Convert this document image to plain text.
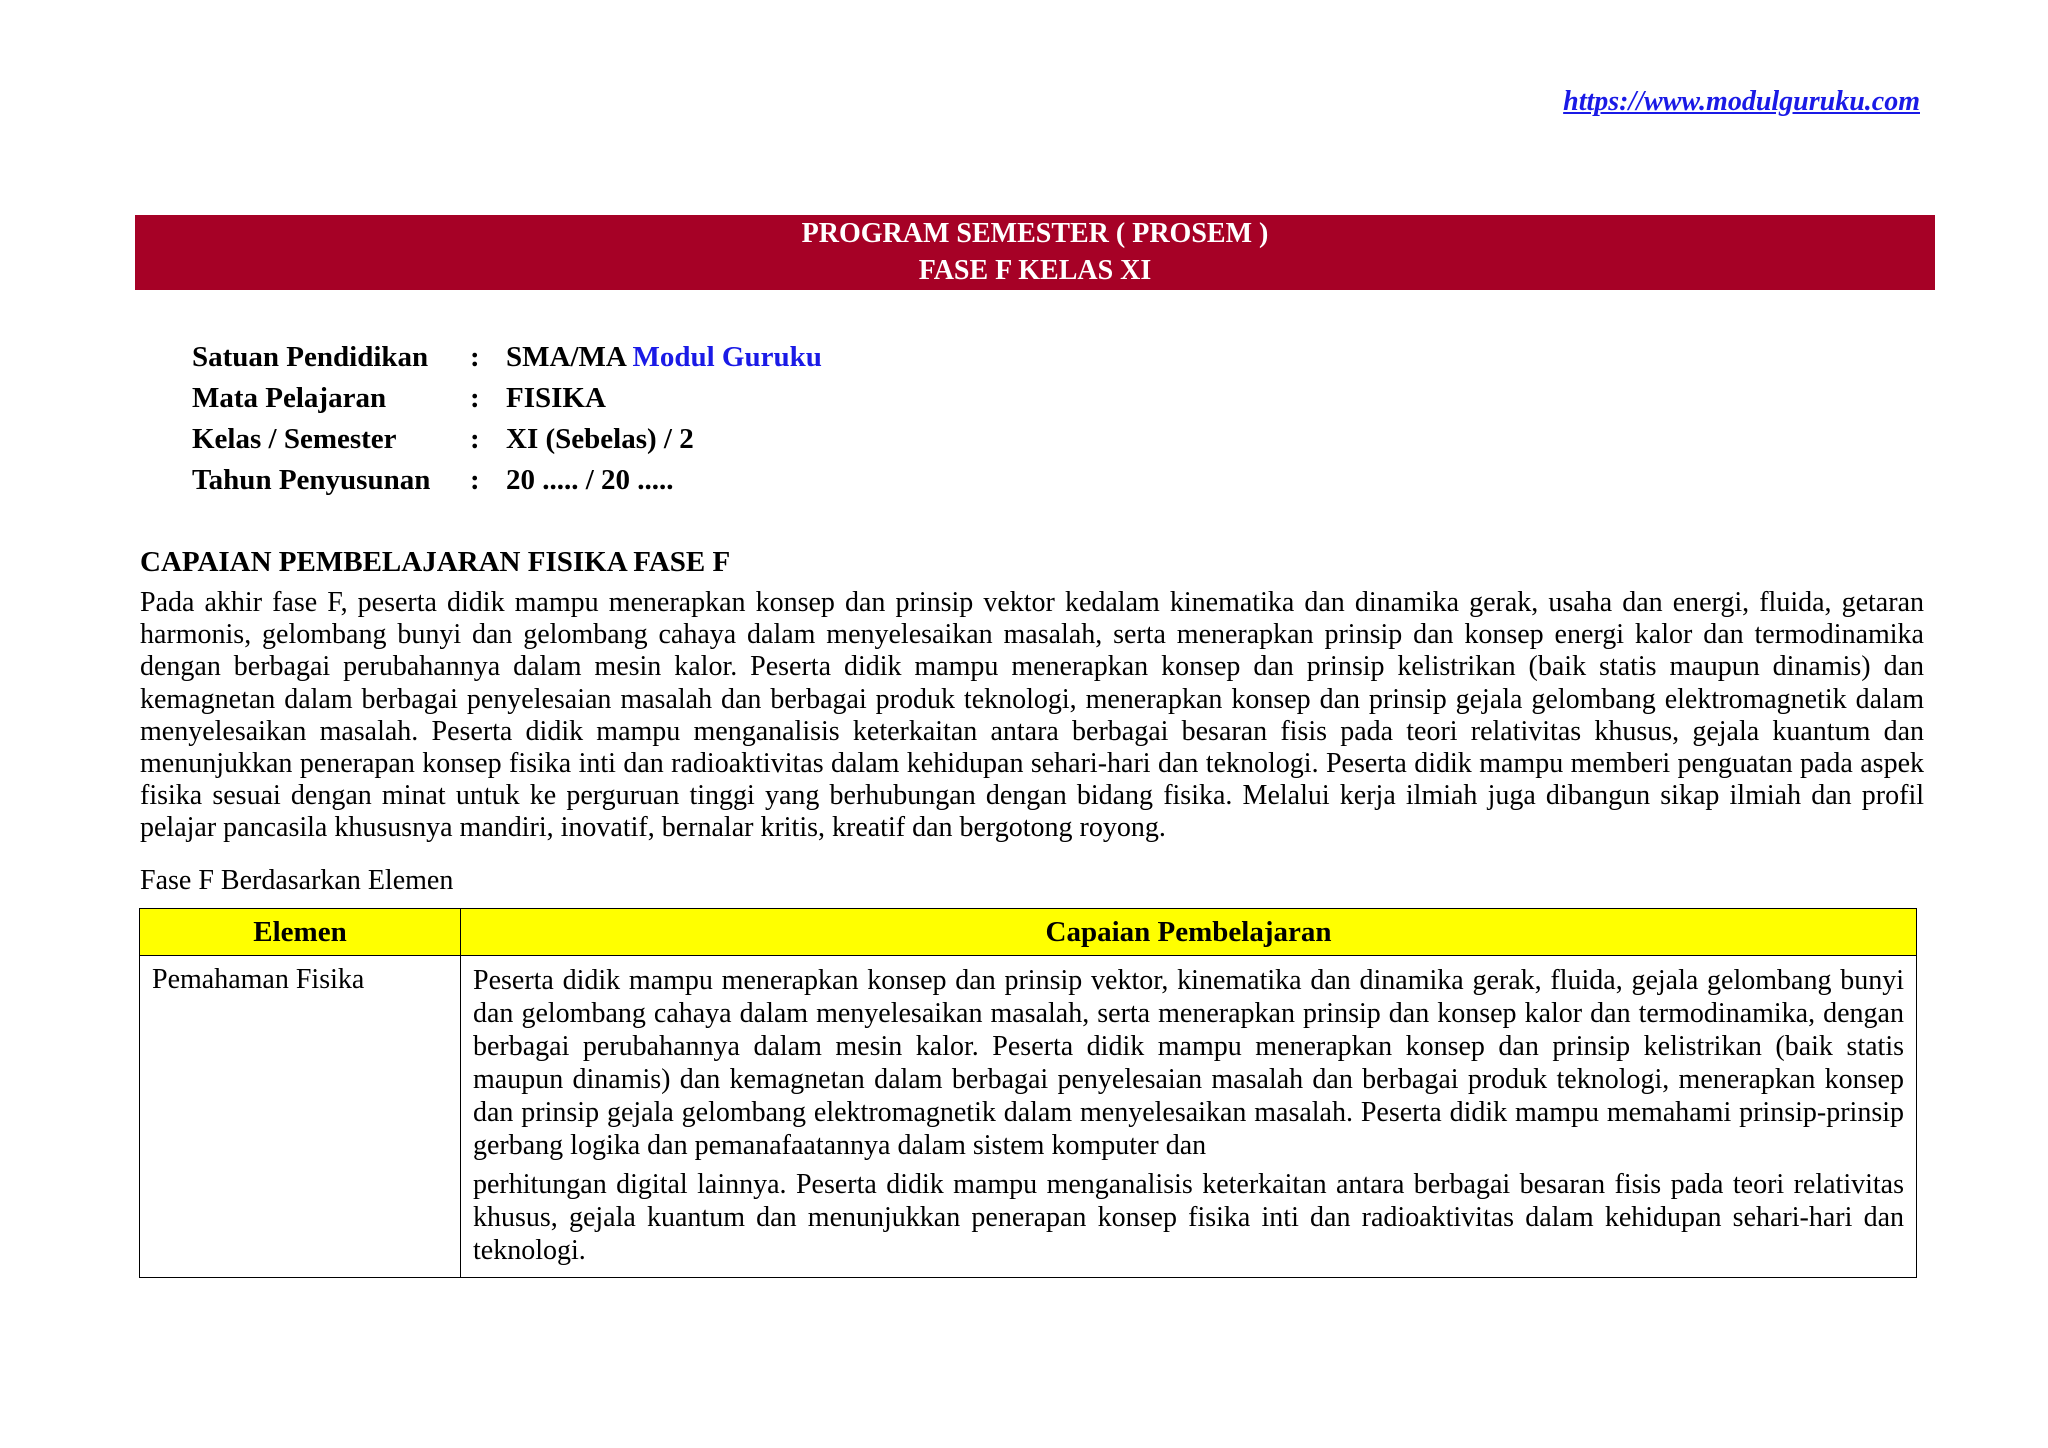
https://www.modulguruku.com
PROGRAM SEMESTER ( PROSEM )
FASE F KELAS XI
Satuan Pendidikan	:	SMA/MA Modul Guruku
Mata Pelajaran	:	FISIKA
Kelas / Semester	:	XI (Sebelas) / 2
Tahun Penyusunan	:	20 ..... / 20 .....
CAPAIAN PEMBELAJARAN FISIKA FASE F

Pada akhir fase F, peserta didik mampu menerapkan konsep dan prinsip vektor kedalam kinematika dan dinamika gerak, usaha dan energi, fluida, getaran harmonis, gelombang bunyi dan gelombang cahaya dalam menyelesaikan masalah, serta menerapkan prinsip dan konsep energi kalor dan termodinamika dengan berbagai perubahannya dalam mesin kalor. Peserta didik mampu menerapkan konsep dan prinsip kelistrikan (baik statis maupun dinamis) dan kemagnetan dalam berbagai penyelesaian masalah dan berbagai produk teknologi, menerapkan konsep dan prinsip gejala gelombang elektromagnetik dalam menyelesaikan masalah. Peserta didik mampu menganalisis keterkaitan antara berbagai besaran fisis pada teori relativitas khusus, gejala kuantum dan menunjukkan penerapan konsep fisika inti dan radioaktivitas dalam kehidupan sehari-hari dan teknologi. Peserta didik mampu memberi penguatan pada aspek fisika sesuai dengan minat untuk ke perguruan tinggi yang berhubungan dengan bidang fisika. Melalui kerja ilmiah juga dibangun sikap ilmiah dan profil pelajar pancasila khususnya mandiri, inovatif, bernalar kritis, kreatif dan bergotong royong.

Fase F Berdasarkan Elemen
Elemen	Capaian Pembelajaran
Pemahaman Fisika	Peserta didik mampu menerapkan konsep dan prinsip vektor, kinematika dan dinamika gerak, fluida, gejala gelombang bunyi dan gelombang cahaya dalam menyelesaikan masalah, serta menerapkan prinsip dan konsep kalor dan termodinamika, dengan berbagai perubahannya dalam mesin kalor. Peserta didik mampu menerapkan konsep dan prinsip kelistrikan (baik statis maupun dinamis) dan kemagnetan dalam berbagai penyelesaian masalah dan berbagai produk teknologi, menerapkan konsep dan prinsip gejala gelombang elektromagnetik dalam menyelesaikan masalah. Peserta didik mampu memahami prinsip-prinsip gerbang logika dan pemanafaatannya dalam sistem komputer dan
perhitungan digital lainnya. Peserta didik mampu menganalisis keterkaitan antara berbagai besaran fisis pada teori relativitas khusus, gejala kuantum dan menunjukkan penerapan konsep fisika inti dan radioaktivitas dalam kehidupan sehari-hari dan teknologi.
